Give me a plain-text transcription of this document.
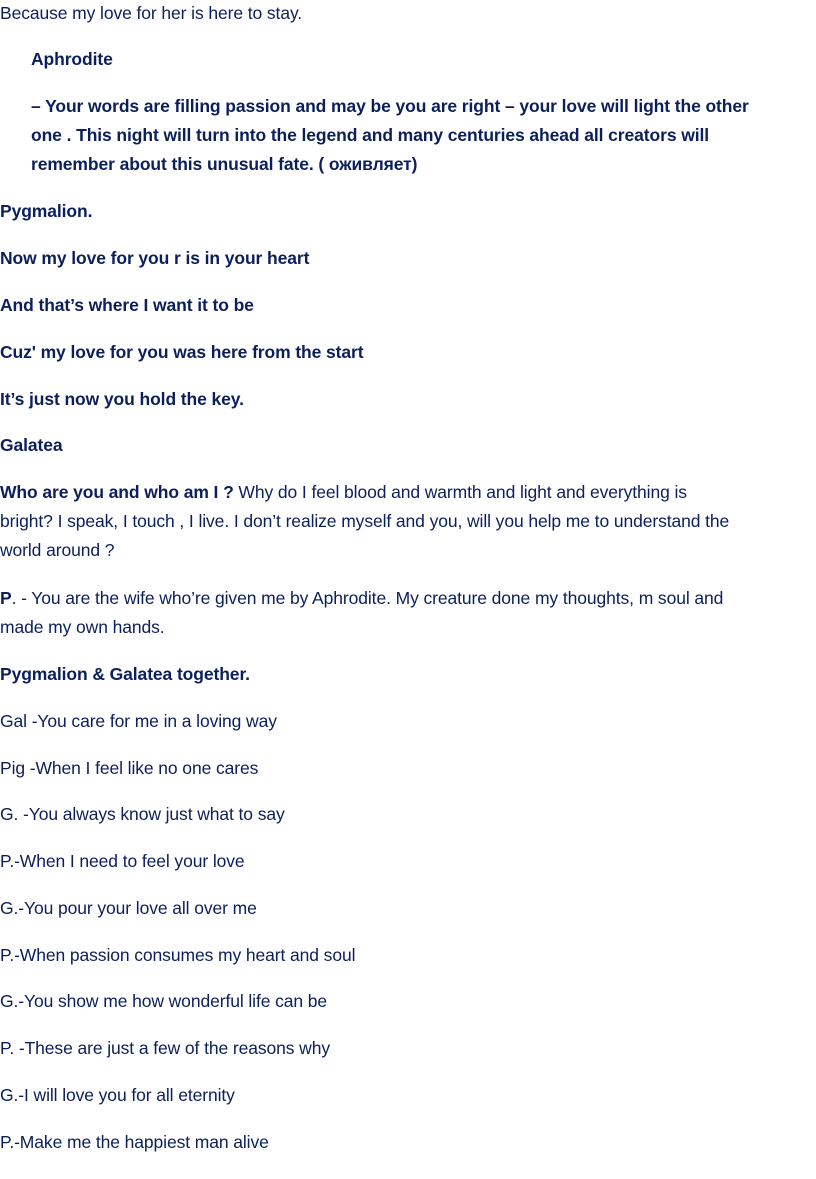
Because my love for her is here to stay.

Aphrodite

– Your words are filling passion and may be you are right – your love will light the other

one . This night will turn into the legend and many centuries ahead all creators will

remember about this unusual fate. ( оживляет)

Pygmalion.

Now my love for you r is in your heart

And that’s where I want it to be

Cuz' my love for you was here from the start

It’s just now you hold the key.

Galatea

Who are you and who am I ? Why do I feel blood and warmth and light and everything is

bright? I speak, I touch , I live. I don’t realize myself and you, will you help me to understand the

world around ?

P. - You are the wife who’re given me by Aphrodite. My creature done my thoughts, m soul and

made my own hands.

Pygmalion & Galatea together.

Gal -You care for me in a loving way

Pig -When I feel like no one cares

G. -You always know just what to say

P.-When I need to feel your love

G.-You pour your love all over me

P.-When passion consumes my heart and soul

G.-You show me how wonderful life can be

P. -These are just a few of the reasons why

G.-I will love you for all eternity

P.-Make me the happiest man alive
